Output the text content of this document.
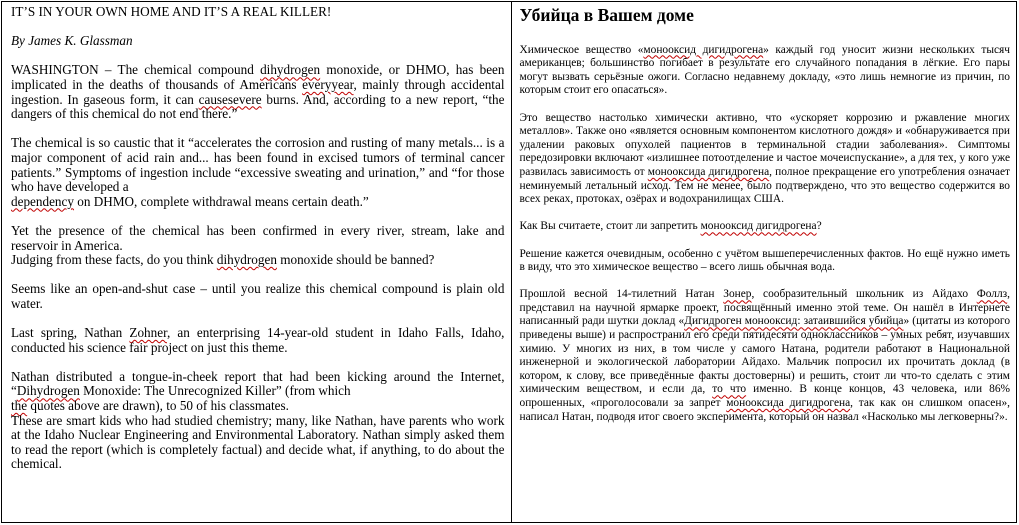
IT’S IN YOUR OWN HOME AND IT’S A REAL KILLER!
By James K. Glassman

WASHINGTON – The chemical compound dihydrogen monoxide, or DHMO, has been implicated in the deaths of thousands of Americans everyyear, mainly through accidental ingestion. In gaseous form, it can causesevere burns. And, according to a new report, “the dangers of this chemical do not end there.”

The chemical is so caustic that it “accelerates the corrosion and rusting of many metals... is a major component of acid rain and... has been found in excised tumors of terminal cancer patients.” Symptoms of ingestion include “excessive sweating and urination,” and “for those who have developed a
dependency on DHMO, complete withdrawal means certain death.”

Yet the presence of the chemical has been confirmed in every river, stream, lake and reservoir in America.
Judging from these facts, do you think dihydrogen monoxide should be banned?

Seems like an open-and-shut case – until you realize this chemical compound is plain old water.

Last spring, Nathan Zohner, an enterprising 14-year-old student in Idaho Falls, Idaho, conducted his science fair project on just this theme.

Nathan distributed a tongue-in-cheek report that had been kicking around the Internet, “Dihydrogen Monoxide: The Unrecognized Killer” (from which
the quotes above are drawn), to 50 of his classmates.
These are smart kids who had studied chemistry; many, like Nathan, have parents who work at the Idaho Nuclear Engineering and Environmental Laboratory. Nathan simply asked them to read the report (which is completely factual) and decide what, if anything, to do about the chemical.

Убийца в Вашем доме

Химическое вещество «монооксид дигидрогена» каждый год уносит жизни нескольких тысяч американцев; большинство погибает в результате его случайного попадания в лёгкие. Его пары могут вызвать серьёзные ожоги. Согласно недавнему докладу, «это лишь немногие из причин, по которым стоит его опасаться».

Это вещество настолько химически активно, что «ускоряет коррозию и ржавление многих металлов». Также оно «является основным компонентом кислотного дождя» и «обнаруживается при удалении раковых опухолей пациентов в терминальной стадии заболевания». Симптомы передозировки включают «излишнее потоотделение и частое мочеиспускание», а для тех, у кого уже развилась зависимость от монооксида дигидрогена, полное прекращение его употребления означает неминуемый летальный исход. Тем не менее, было подтверждено, что это вещество содержится во всех реках, протоках, озёрах и водохранилищах США.

Как Вы считаете, стоит ли запретить монооксид дигидрогена?

Решение кажется очевидным, особенно с учётом вышеперечисленных фактов. Но ещё нужно иметь в виду, что это химическое вещество – всего лишь обычная вода.

Прошлой весной 14-тилетний Натан Зонер, сообразительный школьник из Айдахо Фоллз, представил на научной ярмарке проект, посвящённый именно этой теме. Он нашёл в Интернете написанный ради шутки доклад «Дигидроген монооксид: затаившийся убийца» (цитаты из которого приведены выше) и распространил его среди пятидесяти одноклассников – умных ребят, изучавших химию. У многих из них, в том числе у самого Натана, родители работают в Национальной инженерной и экологической лаборатории Айдахо. Мальчик попросил их прочитать доклад (в котором, к слову, все приведённые факты достоверны) и решить, стоит ли что-то сделать с этим химическим веществом, и если да, то что именно. В конце концов, 43 человека, или 86% опрошенных, «проголосовали за запрет монооксида дигидрогена, так как он слишком опасен», написал Натан, подводя итог своего эксперимента, который он назвал «Насколько мы легковерны?».
